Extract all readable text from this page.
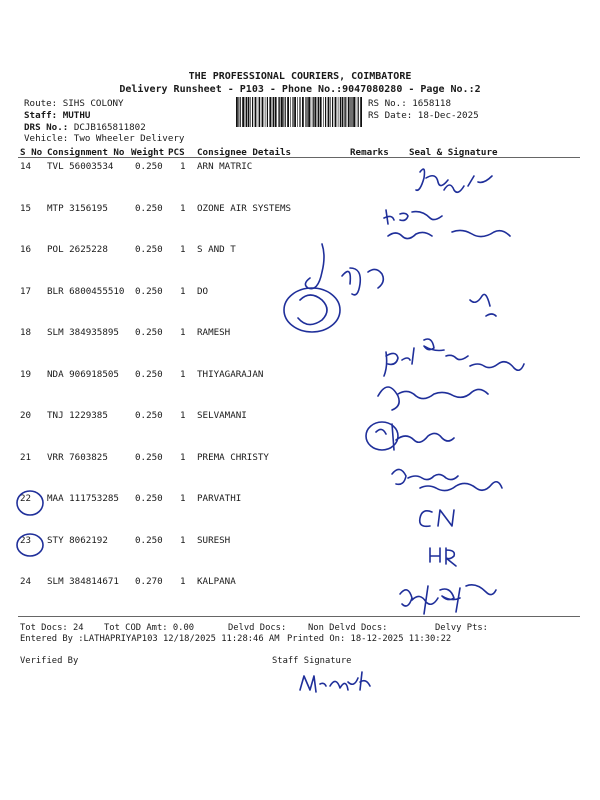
THE PROFESSIONAL COURIERS, COIMBATORE
Delivery Runsheet - P103 - Phone No.:9047080280 - Page No.:2
Route: SIHS COLONY
Staff: MUTHU
DRS No.: DCJB165811802
Vehicle: Two Wheeler Delivery
RS No.: 1658118
RS Date: 18-Dec-2025
S No Consignment No Weight PCS Consignee Details	Remarks Seal & Signature
14 TVL 56003534 0.250 1 ARN MATRIC
15 MTP 3156195	0.250 1 OZONE AIR SYSTEMS
16 POL 2625228	0.250 1 S AND T
17 BLR 6800455510 0.250 1 DO
18 SLM 384935895 0.250 1 RAMESH
19 NDA 906918505 0.250 1 THIYAGARAJAN
20 TNJ 1229385	0.250 1 SELVAMANI
21 VRR 7603825	0.250 1 PREMA CHRISTY
22 MAA 111753285 0.250 1 PARVATHI
23 STY 8062192	0.250 1 SURESH
24 SLM 384814671 0.270 1 KALPANA
Tot Docs: 24 Tot COD Amt: 0.00	Delvd Docs: Non Delvd Docs:	Delvy Pts:
Entered By :LATHAPRIYAP103 12/18/2025 11:28:46 AM Printed On: 18-12-2025 11:30:22
Verified By	Staff Signature
